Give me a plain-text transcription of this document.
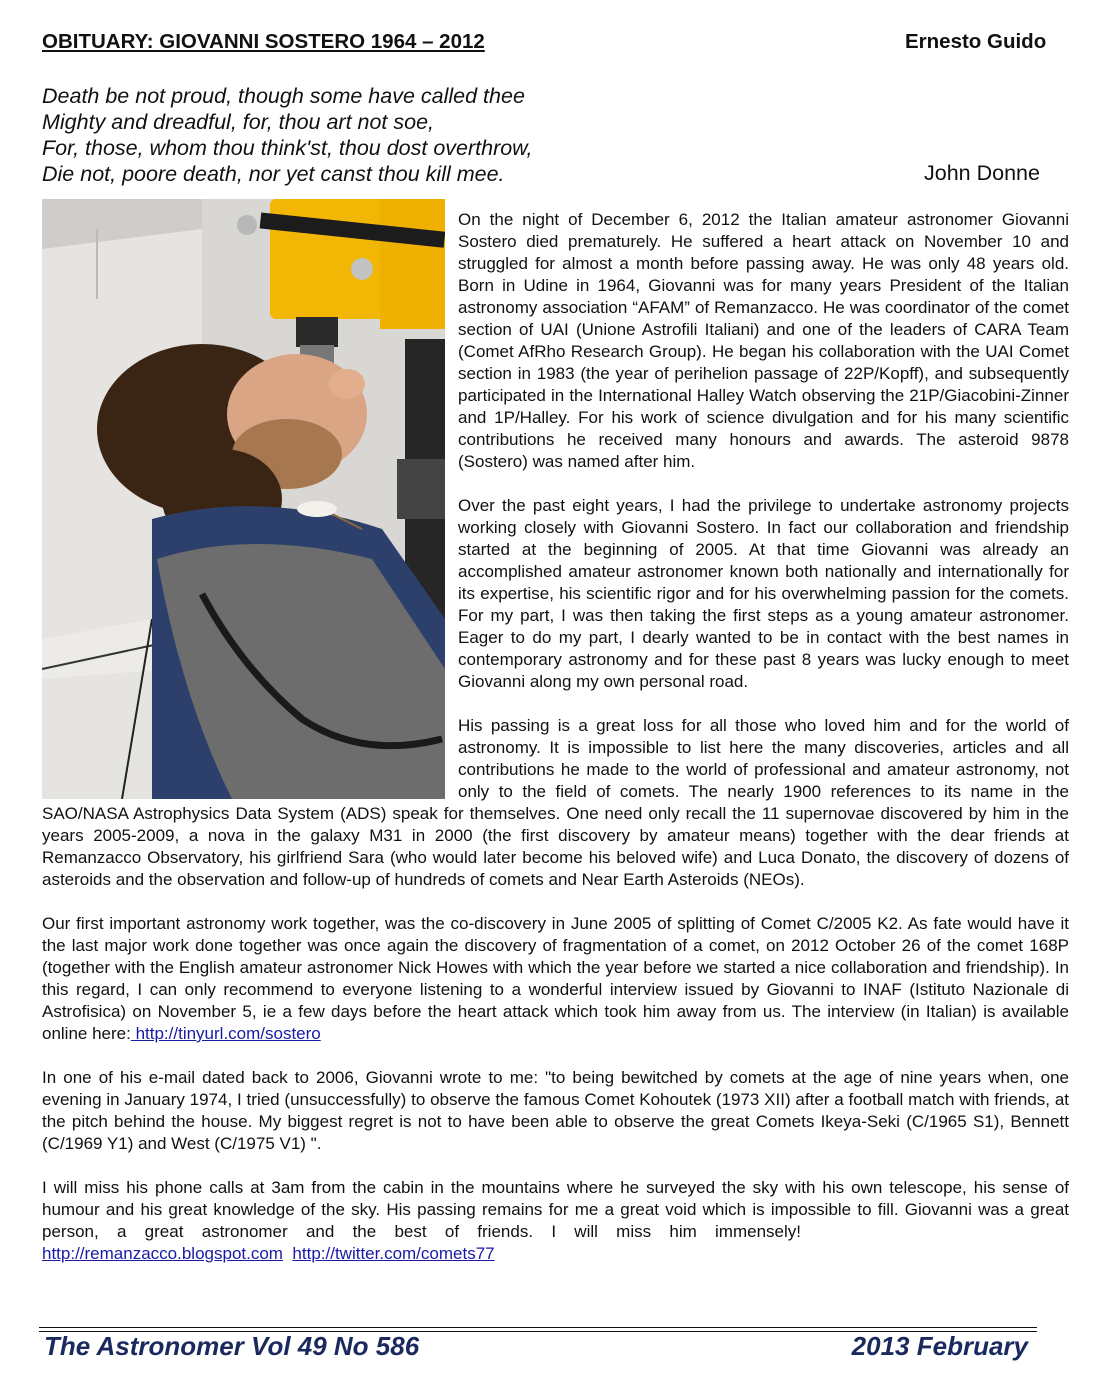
OBITUARY: GIOVANNI SOSTERO 1964 – 2012	Ernesto Guido
Death be not proud, though some have called thee
Mighty and dreadful, for, thou art not soe,
For, those, whom thou think'st, thou dost overthrow,
Die not, poore death, nor yet canst thou kill mee.	John Donne

On the night of December 6, 2012 the Italian amateur astronomer Giovanni Sostero died prematurely. He suffered a heart attack on November 10 and struggled for almost a month before passing away. He was only 48 years old. Born in Udine in 1964, Giovanni was for many years President of the Italian astronomy association “AFAM” of Remanzacco. He was coordinator of the comet section of UAI (Unione Astrofili Italiani) and one of the leaders of CARA Team (Comet AfRho Research Group). He began his collaboration with the UAI Comet section in 1983 (the year of perihelion passage of 22P/Kopff), and subsequently participated in the International Halley Watch observing the 21P/Giacobini-Zinner and 1P/Halley. For his work of science divulgation and for his many scientific contributions he received many honours and awards. The asteroid 9878 (Sostero) was named after him.

Over the past eight years, I had the privilege to undertake astronomy projects working closely with Giovanni Sostero. In fact our collaboration and friendship started at the beginning of 2005. At that time Giovanni was already an accomplished amateur astronomer known both nationally and internationally for its expertise, his scientific rigor and for his overwhelming passion for the comets. For my part, I was then taking the first steps as a young amateur astronomer. Eager to do my part, I dearly wanted to be in contact with the best names in contemporary astronomy and for these past 8 years was lucky enough to meet Giovanni along my own personal road.

His passing is a great loss for all those who loved him and for the world of astronomy. It is impossible to list here the many discoveries, articles and all contributions he made to the world of professional and amateur astronomy, not only to the field of comets. The nearly 1900 references to its name in the SAO/NASA Astrophysics Data System (ADS) speak for themselves. One need only recall the 11 supernovae discovered by him in the years 2005-2009, a nova in the galaxy M31 in 2000 (the first discovery by amateur means) together with the dear friends at Remanzacco Observatory, his girlfriend Sara (who would later become his beloved wife) and Luca Donato, the discovery of dozens of asteroids and the observation and follow-up of hundreds of comets and Near Earth Asteroids (NEOs).

Our first important astronomy work together, was the co-discovery in June 2005 of splitting of Comet C/2005 K2. As fate would have it the last major work done together was once again the discovery of fragmentation of a comet, on 2012 October 26 of the comet 168P (together with the English amateur astronomer Nick Howes with which the year before we started a nice collaboration and friendship). In this regard, I can only recommend to everyone listening to a wonderful interview issued by Giovanni to INAF (Istituto Nazionale di Astrofisica) on November 5, ie a few days before the heart attack which took him away from us. The interview (in Italian) is available online here: http://tinyurl.com/sostero

In one of his e-mail dated back to 2006, Giovanni wrote to me: "to being bewitched by comets at the age of nine years when, one evening in January 1974, I tried (unsuccessfully) to observe the famous Comet Kohoutek (1973 XII) after a football match with friends, at the pitch behind the house. My biggest regret is not to have been able to observe the great Comets Ikeya-Seki (C/1965 S1), Bennett (C/1969 Y1) and West (C/1975 V1) ".

I will miss his phone calls at 3am from the cabin in the mountains where he surveyed the sky with his own telescope, his sense of humour and his great knowledge of the sky. His passing remains for me a great void which is impossible to fill. Giovanni was a great person, a great astronomer and the best of friends. I will miss him immensely!http://remanzacco.blogspot.com http://twitter.com/comets77

The Astronomer Vol 49 No 586	2013 February
